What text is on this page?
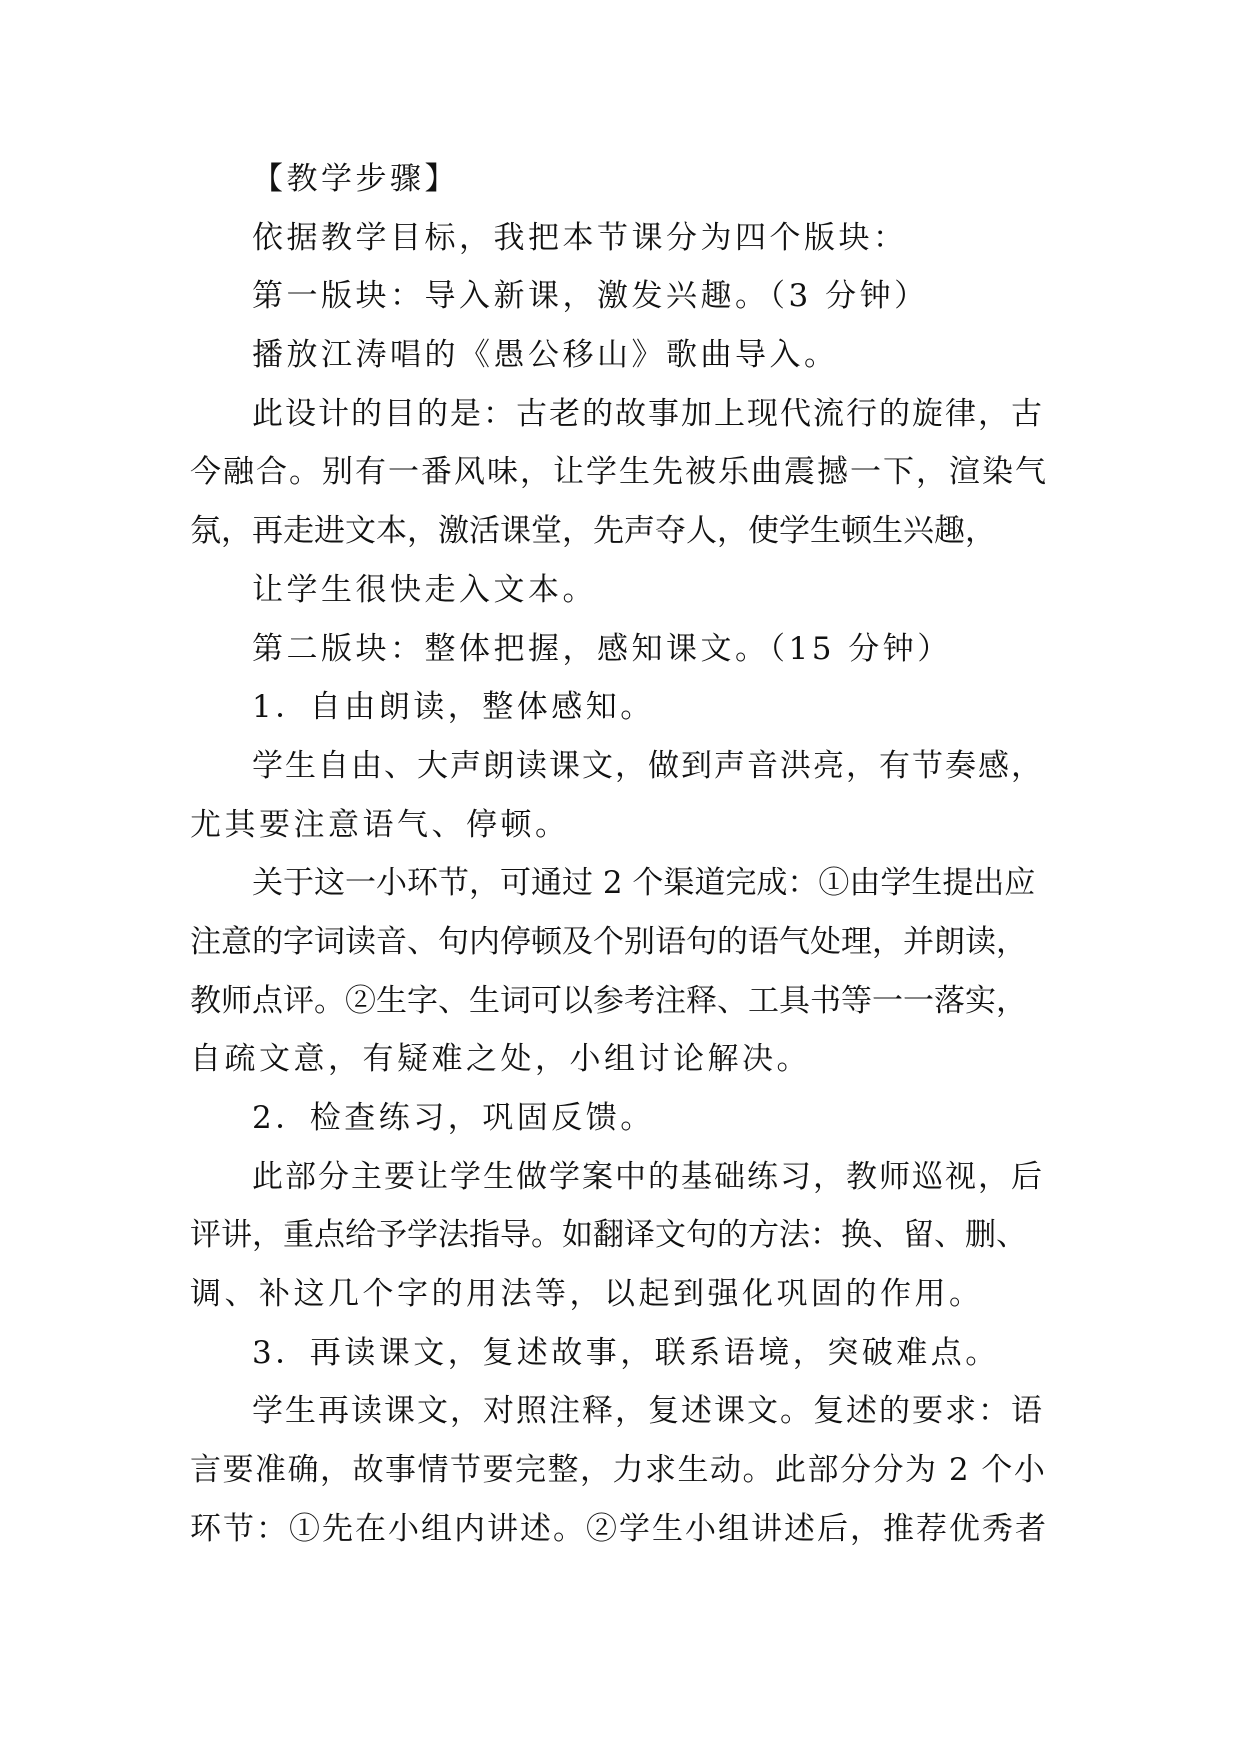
【教学步骤】
依据教学目标，我把本节课分为四个版块：
第一版块：导入新课，激发兴趣。（3 分钟）
播放江涛唱的《愚公移山》歌曲导入。
此设计的目的是：古老的故事加上现代流行的旋律，古
今融合。别有一番风味，让学生先被乐曲震撼一下，渲染气
氛，再走进文本，激活课堂，先声夺人，使学生顿生兴趣，
让学生很快走入文本。
第二版块：整体把握，感知课文。（15 分钟）
1．自由朗读，整体感知。
学生自由、大声朗读课文，做到声音洪亮，有节奏感，
尤其要注意语气、停顿。
关于这一小环节，可通过 2 个渠道完成：①由学生提出应
注意的字词读音、句内停顿及个别语句的语气处理，并朗读，
教师点评。②生字、生词可以参考注释、工具书等一一落实，
自疏文意，有疑难之处，小组讨论解决。
2．检查练习，巩固反馈。
此部分主要让学生做学案中的基础练习，教师巡视，后
评讲，重点给予学法指导。如翻译文句的方法：换、留、删、
调、补这几个字的用法等，以起到强化巩固的作用。
3．再读课文，复述故事，联系语境，突破难点。
学生再读课文，对照注释，复述课文。复述的要求：语
言要准确，故事情节要完整，力求生动。此部分分为 2 个小
环节：①先在小组内讲述。②学生小组讲述后，推荐优秀者
